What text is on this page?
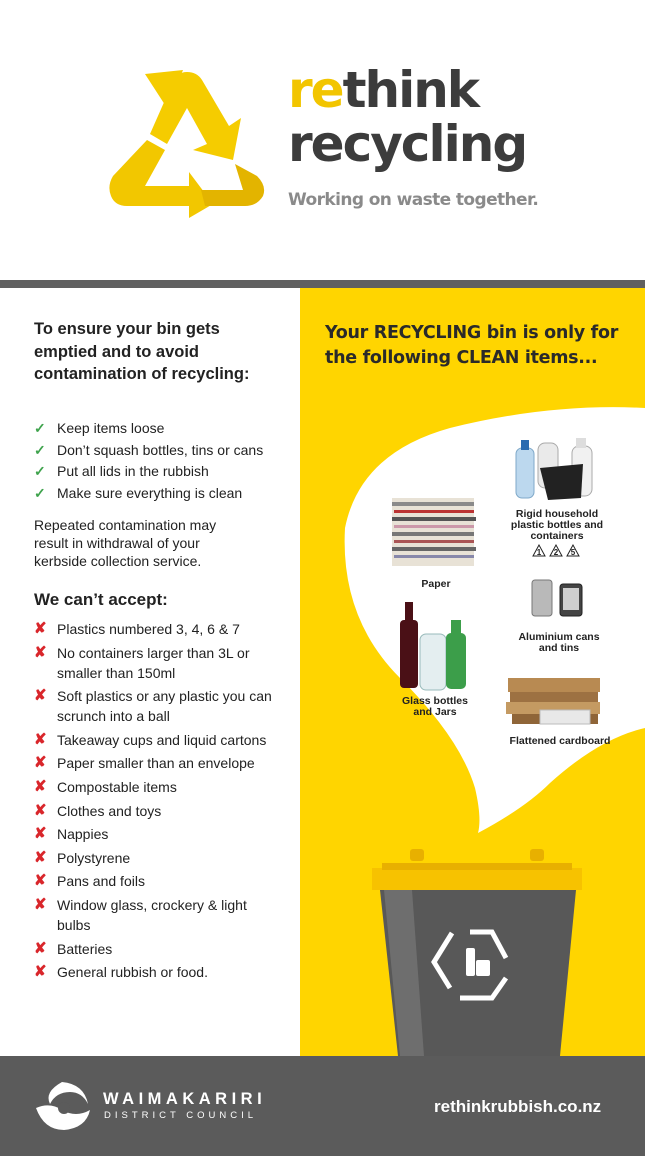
rethink
recycling
Working on waste together.
To ensure your bin gets emptied and to avoid contamination of recycling:
✓ Keep items loose
✓ Don’t squash bottles, tins or cans
✓ Put all lids in the rubbish
✓ Make sure everything is clean
Repeated contamination may result in withdrawal of your kerbside collection service.
We can’t accept:
✘ Plastics numbered 3, 4, 6 & 7
✘ No containers larger than 3L or smaller than 150ml
✘ Soft plastics or any plastic you can scrunch into a ball
✘ Takeaway cups and liquid cartons
✘ Paper smaller than an envelope
✘ Compostable items
✘ Clothes and toys
✘ Nappies
✘ Polystyrene
✘ Pans and foils
✘ Window glass, crockery & light bulbs
✘ Batteries
✘ General rubbish or food.
Your RECYCLING bin is only for the following CLEAN items...
Paper
Rigid household plastic bottles and containers
Aluminium cans and tins
Glass bottles and Jars
Flattened cardboard
1	2	5
WAIMAKARIRI
DISTRICT COUNCIL	rethinkrubbish.co.nz
